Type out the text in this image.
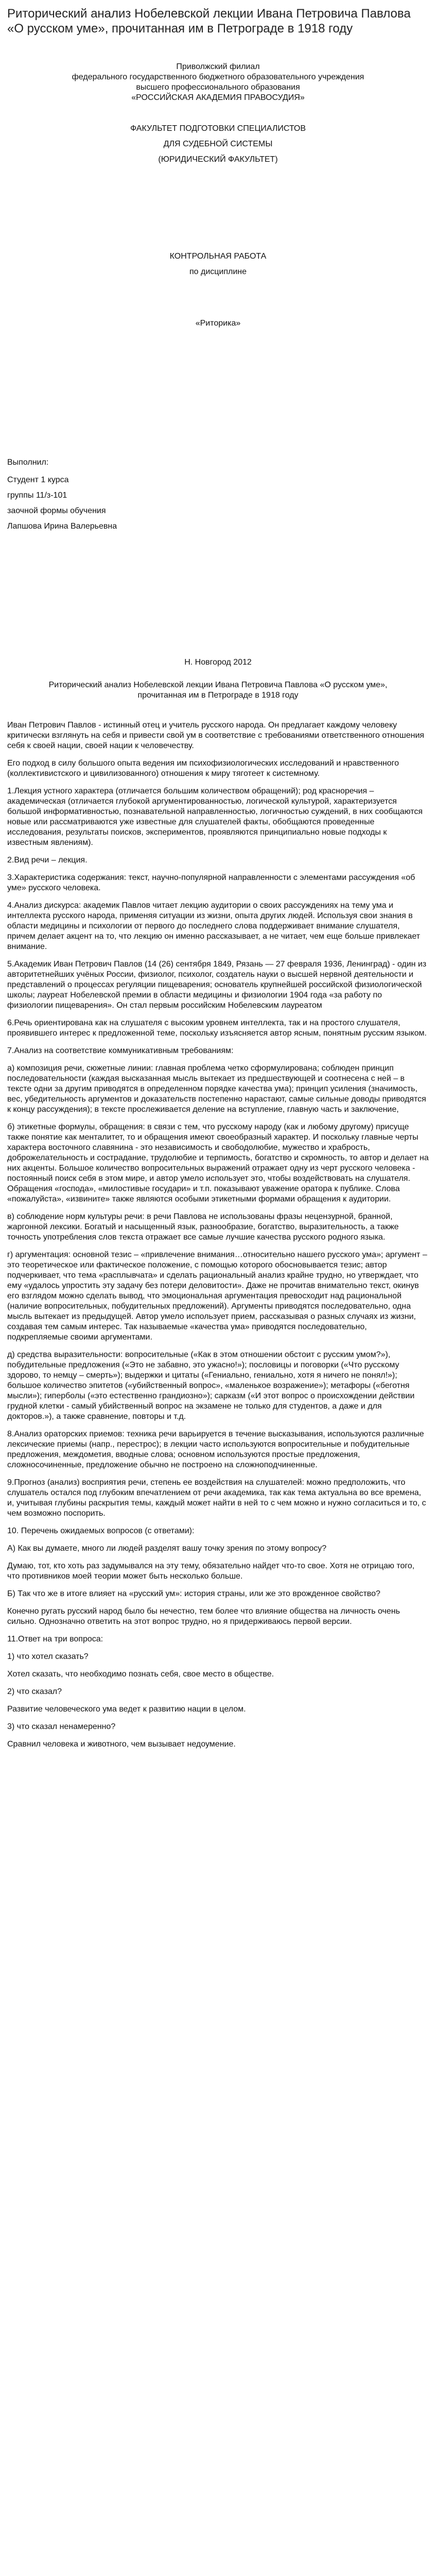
Риторический анализ Нобелевской лекции Ивана Петровича Павлова «О русском уме», прочитанная им в Петрограде в 1918 году

Приволжский филиал

федерального государственного бюджетного образовательного учреждения

высшего профессионального образования

«РОССИЙСКАЯ АКАДЕМИЯ ПРАВОСУДИЯ»

ФАКУЛЬТЕТ ПОДГОТОВКИ СПЕЦИАЛИСТОВ

ДЛЯ СУДЕБНОЙ СИСТЕМЫ

(ЮРИДИЧЕСКИЙ ФАКУЛЬТЕТ)

КОНТРОЛЬНАЯ РАБОТА

по дисциплине

«Риторика»

Выполнил:

Студент 1 курса

группы 11/з-101

заочной формы обучения

Лапшова Ирина Валерьевна

Н. Новгород 2012

Риторический анализ Нобелевской лекции Ивана Петровича Павлова «О русском уме», прочитанная им в Петрограде в 1918 году

Иван Петрович Павлов - истинный отец и учитель русского народа. Он предлагает каждому человеку критически взглянуть на себя и привести свой ум в соответствие с требованиями ответственного отношения себя к своей нации, своей нации к человечеству.

Его подход в силу большого опыта ведения им психофизиологических исследований и нравственного (коллективистского и цивилизованного) отношения к миру тяготеет к системному.

1.Лекция устного характера (отличается большим количеством обращений); род красноречия – академическая (отличается глубокой аргументированностью, логической культурой, характеризуется большой информативностью, познавательной направленностью, логичностью суждений, в них сообщаются новые или рассматриваются уже известные для слушателей факты, обобщаются проведенные исследования, результаты поисков, экспериментов, проявляются принципиально новые подходы к известным явлениям).

2.Вид речи – лекция.

3.Характеристика содержания: текст, научно-популярной направленности с элементами рассуждения «об уме» русского человека.

4.Анализ дискурса: академик Павлов читает лекцию аудитории о своих рассуждениях на тему ума и интеллекта русского народа, применяя ситуации из жизни, опыта других людей. Используя свои знания в области медицины и психологии от первого до последнего слова поддерживает внимание слушателя, причем делает акцент на то, что лекцию он именно рассказывает, а не читает, чем еще больше привлекает внимание.

5.Академик Иван Петрович Павлов (14 (26) сентября 1849, Рязань — 27 февраля 1936, Ленинград) - один из авторитетнейших учёных России, физиолог, психолог, создатель науки о высшей нервной деятельности и представлений о процессах регуляции пищеварения; основатель крупнейшей российской физиологической школы; лауреат Нобелевской премии в области медицины и физиологии 1904 года «за работу по физиологии пищеварения». Он стал первым российским Нобелевским лауреатом

6.Речь ориентирована как на слушателя с высоким уровнем интеллекта, так и на простого слушателя, проявившего интерес к предложенной теме, поскольку изъясняется автор ясным, понятным русским языком.

7.Анализ на соответствие коммуникативным требованиям:

а) композиция речи, сюжетные линии: главная проблема четко сформулирована; соблюден принцип последовательности (каждая высказанная мысль вытекает из предшествующей и соотнесена с ней – в тексте одни за другим приводятся в определенном порядке качества ума); принцип усиления (значимость, вес, убедительность аргументов и доказательств постепенно нарастают, самые сильные доводы приводятся к концу рассуждения); в тексте прослеживается деление на вступление, главную часть и заключение,

б) этикетные формулы, обращения: в связи с тем, что русскому народу (как и любому другому) присуще также понятие как менталитет, то и обращения имеют своеобразный характер. И поскольку главные черты характера восточного славянина - это независимость и свободолюбие, мужество и храбрость, доброжелательность и сострадание, трудолюбие и терпимость, богатство и скромность, то автор и делает на них акценты. Большое количество вопросительных выражений отражает одну из черт русского человека - постоянный поиск себя в этом мире, и автор умело использует это, чтобы воздействовать на слушателя. Обращения «господа», «милостивые государи» и т.п. показывают уважение оратора к публике. Слова «пожалуйста», «извините» также являются особыми этикетными формами обращения к аудитории.

в) соблюдение норм культуры речи: в речи Павлова не использованы фразы нецензурной, бранной, жаргонной лексики. Богатый и насыщенный язык, разнообразие, богатство, выразительность, а также точность употребления слов текста отражает все самые лучшие качества русского родного языка.

г) аргументация: основной тезис – «привлечение внимания…относительно нашего русского ума»; аргумент – это теоретическое или фактическое положение, с помощью которого обосновывается тезис; автор подчеркивает, что тема «расплывчата» и сделать рациональный анализ крайне трудно, но утверждает, что ему «удалось упростить эту задачу без потери деловитости». Даже не прочитав внимательно текст, окинув его взглядом можно сделать вывод, что эмоциональная аргументация превосходит над рациональной (наличие вопросительных, побудительных предложений). Аргументы приводятся последовательно, одна мысль вытекает из предыдущей. Автор умело использует прием, рассказывая о разных случаях из жизни, создавая тем самым интерес. Так называемые «качества ума» приводятся последовательно, подкрепляемые своими аргументами.

д) средства выразительности: вопросительные («Как в этом отношении обстоит с русским умом?»), побудительные предложения («Это не забавно, это ужасно!»); пословицы и поговорки («Что русскому здорово, то немцу – смерть»); выдержки и цитаты («Гениально, гениально, хотя я ничего не понял!»); большое количество эпитетов («убийственный вопрос», «маленькое возражение»); метафоры («беготня мысли»); гиперболы («это естественно грандиозно»); сарказм («И этот вопрос о происхождении действии грудной клетки - самый убийственный вопрос на экзамене не только для студентов, а даже и для докторов.»), а также сравнение, повторы и т.д.

8.Анализ ораторских приемов: техника речи варьируется в течение высказывания, используются различные лексические приемы (напр., перестрос); в лекции часто используются вопросительные и побудительные предложения, междометия, вводные слова; основном используются простые предложения, сложносочиненные, предложение обычно не построено на сложноподчиненные.

9.Прогноз (анализ) восприятия речи, степень ее воздействия на слушателей: можно предположить, что слушатель остался под глубоким впечатлением от речи академика, так как тема актуальна во все времена, и, учитывая глубины раскрытия темы, каждый может найти в ней то с чем можно и нужно согласиться и то, с чем возможно поспорить.

10. Перечень ожидаемых вопросов (с ответами):

А) Как вы думаете, много ли людей разделят вашу точку зрения по этому вопросу?

Думаю, тот, кто хоть раз задумывался на эту тему, обязательно найдет что-то свое. Хотя не отрицаю того, что противников моей теории может быть несколько больше.

Б) Так что же в итоге влияет на «русский ум»: история страны, или же это врожденное свойство?

Конечно ругать русский народ было бы нечестно, тем более что влияние общества на личность очень сильно. Однозначно ответить на этот вопрос трудно, но я придерживаюсь первой версии.

11.Ответ на три вопроса:

1) что хотел сказать?

Хотел сказать, что необходимо познать себя, свое место в обществе.

2) что сказал?

Развитие человеческого ума ведет к развитию нации в целом.

3) что сказал ненамеренно?

Сравнил человека и животного, чем вызывает недоумение.
